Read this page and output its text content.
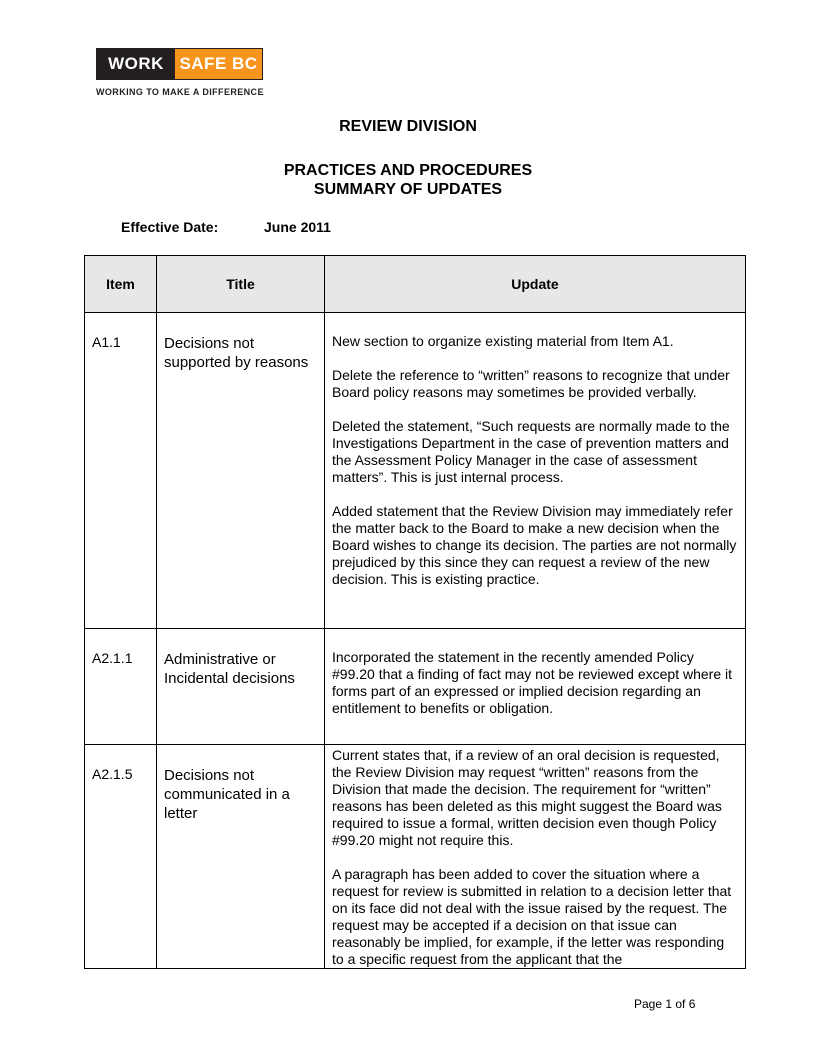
WORK SAFE BC
WORKING TO MAKE A DIFFERENCE
REVIEW DIVISION
PRACTICES AND PROCEDURES
SUMMARY OF UPDATES
Effective Date:	June 2011
Item	Title	Update
A1.1	Decisions not supported by reasons	New section to organize existing material from Item A1.

Delete the reference to “written” reasons to recognize that under Board policy reasons may sometimes be provided verbally.

Deleted the statement, “Such requests are normally made to the Investigations Department in the case of prevention matters and the Assessment Policy Manager in the case of assessment matters”. This is just internal process.

Added statement that the Review Division may immediately refer the matter back to the Board to make a new decision when the Board wishes to change its decision. The parties are not normally prejudiced by this since they can request a review of the new decision. This is existing practice.

A2.1.1	Administrative or Incidental decisions	Incorporated the statement in the recently amended Policy #99.20 that a finding of fact may not be reviewed except where it forms part of an expressed or implied decision regarding an entitlement to benefits or obligation.

A2.1.5	Decisions not communicated in a letter	Current states that, if a review of an oral decision is requested, the Review Division may request “written” reasons from the Division that made the decision. The requirement for “written” reasons has been deleted as this might suggest the Board was required to issue a formal, written decision even though Policy #99.20 might not require this.

A paragraph has been added to cover the situation where a request for review is submitted in relation to a decision letter that on its face did not deal with the issue raised by the request. The request may be accepted if a decision on that issue can reasonably be implied, for example, if the letter was responding to a specific request from the applicant that the

Page 1 of 6
